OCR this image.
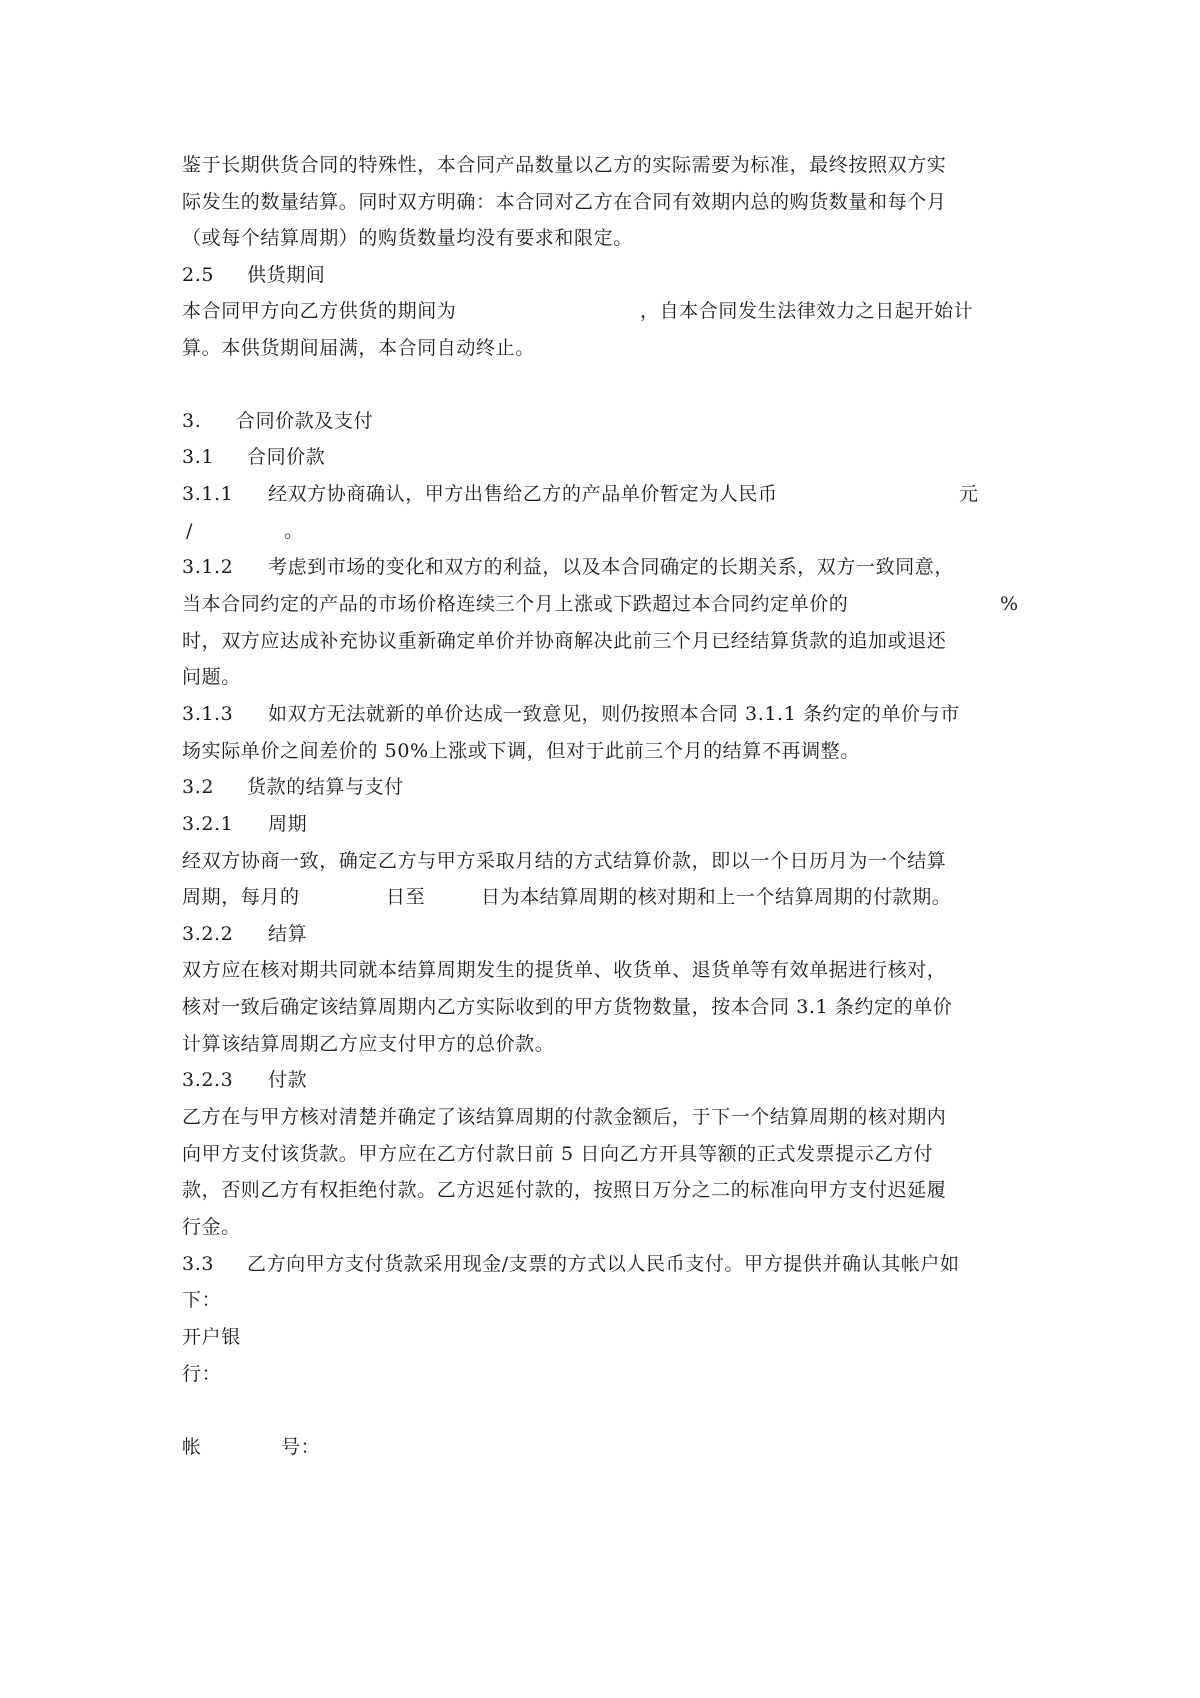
鉴于长期供货合同的特殊性，本合同产品数量以乙方的实际需要为标准，最终按照双方实
际发生的数量结算。同时双方明确：本合同对乙方在合同有效期内总的购货数量和每个月
（或每个结算周期）的购货数量均没有要求和限定。
2.5 供货期间
本合同甲方向乙方供货的期间为	，自本合同发生法律效力之日起开始计
算。本供货期间届满，本合同自动终止。
3. 合同价款及支付
3.1 合同价款
3.1.1 经双方协商确认，甲方出售给乙方的产品单价暂定为人民币	元
/	。
3.1.2 考虑到市场的变化和双方的利益，以及本合同确定的长期关系，双方一致同意，
当本合同约定的产品的市场价格连续三个月上涨或下跌超过本合同约定单价的	%
时，双方应达成补充协议重新确定单价并协商解决此前三个月已经结算货款的追加或退还
问题。
3.1.3 如双方无法就新的单价达成一致意见，则仍按照本合同 3.1.1 条约定的单价与市
场实际单价之间差价的 50%上涨或下调，但对于此前三个月的结算不再调整。
3.2 货款的结算与支付
3.2.1 周期
经双方协商一致，确定乙方与甲方采取月结的方式结算价款，即以一个日历月为一个结算
周期，每月的	日至	日为本结算周期的核对期和上一个结算周期的付款期。
3.2.2 结算
双方应在核对期共同就本结算周期发生的提货单、收货单、退货单等有效单据进行核对，
核对一致后确定该结算周期内乙方实际收到的甲方货物数量，按本合同 3.1 条约定的单价
计算该结算周期乙方应支付甲方的总价款。
3.2.3 付款
乙方在与甲方核对清楚并确定了该结算周期的付款金额后，于下一个结算周期的核对期内
向甲方支付该货款。甲方应在乙方付款日前 5 日向乙方开具等额的正式发票提示乙方付
款，否则乙方有权拒绝付款。乙方迟延付款的，按照日万分之二的标准向甲方支付迟延履
行金。
3.3 乙方向甲方支付货款采用现金/支票的方式以人民币支付。甲方提供并确认其帐户如
下：
开户银
行：
帐	号：
